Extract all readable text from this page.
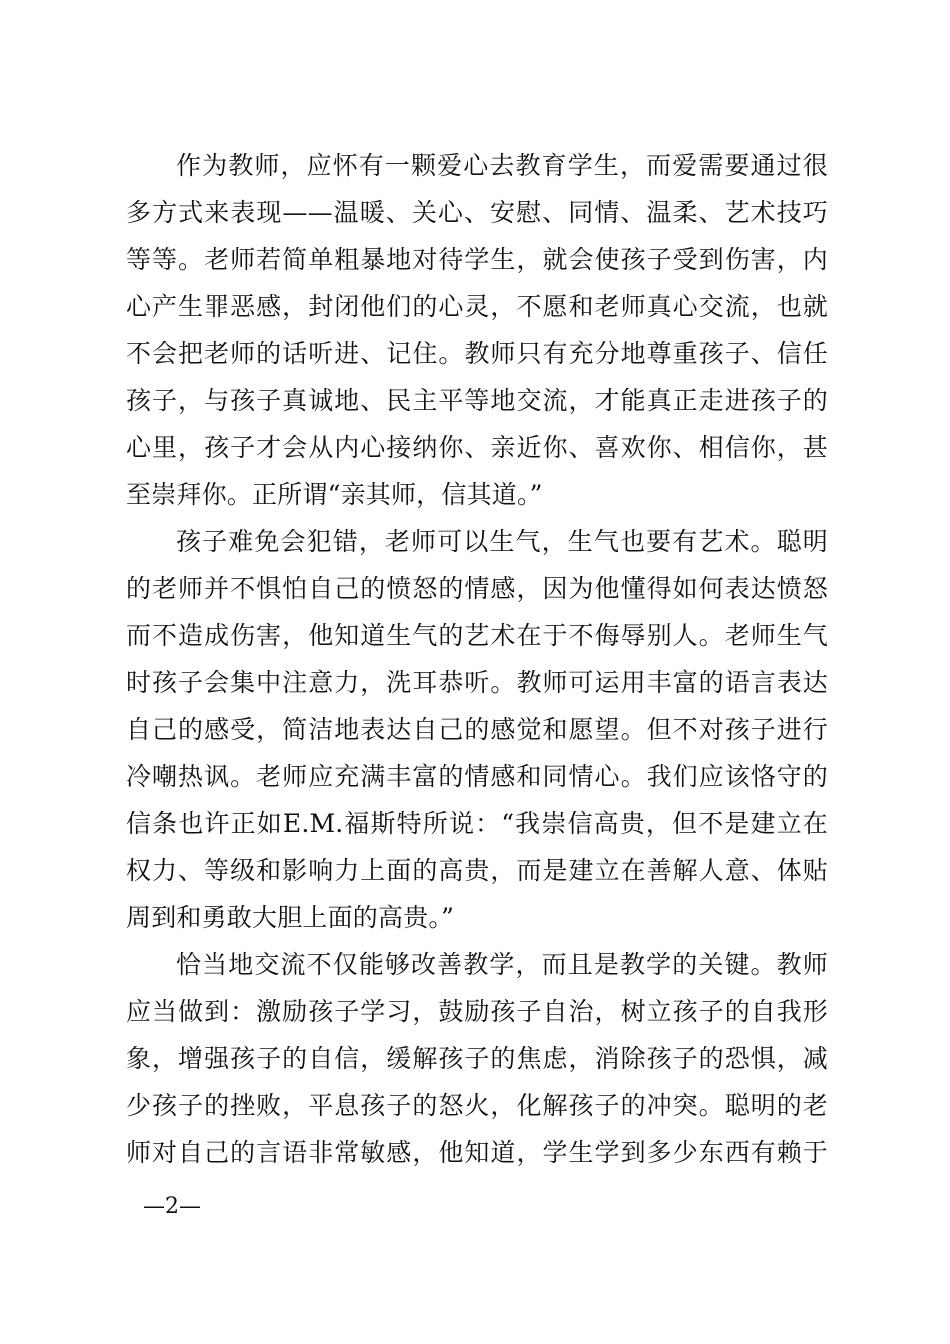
作为教师，应怀有一颗爱心去教育学生，而爱需要通过很
多方式来表现——温暖、关心、安慰、同情、温柔、艺术技巧
等等。老师若简单粗暴地对待学生，就会使孩子受到伤害，内
心产生罪恶感，封闭他们的心灵，不愿和老师真心交流，也就
不会把老师的话听进、记住。教师只有充分地尊重孩子、信任
孩子，与孩子真诚地、民主平等地交流，才能真正走进孩子的
心里，孩子才会从内心接纳你、亲近你、喜欢你、相信你，甚
至崇拜你。正所谓“亲其师，信其道。”
孩子难免会犯错，老师可以生气，生气也要有艺术。聪明
的老师并不惧怕自己的愤怒的情感，因为他懂得如何表达愤怒
而不造成伤害，他知道生气的艺术在于不侮辱别人。老师生气
时孩子会集中注意力，洗耳恭听。教师可运用丰富的语言表达
自己的感受，简洁地表达自己的感觉和愿望。但不对孩子进行
冷嘲热讽。老师应充满丰富的情感和同情心。我们应该恪守的
信条也许正如E.M.福斯特所说：“我崇信高贵，但不是建立在
权力、等级和影响力上面的高贵，而是建立在善解人意、体贴
周到和勇敢大胆上面的高贵。”
恰当地交流不仅能够改善教学，而且是教学的关键。教师
应当做到：激励孩子学习，鼓励孩子自治，树立孩子的自我形
象，增强孩子的自信，缓解孩子的焦虑，消除孩子的恐惧，减
少孩子的挫败，平息孩子的怒火，化解孩子的冲突。聪明的老
师对自己的言语非常敏感，他知道，学生学到多少东西有赖于
—2—
